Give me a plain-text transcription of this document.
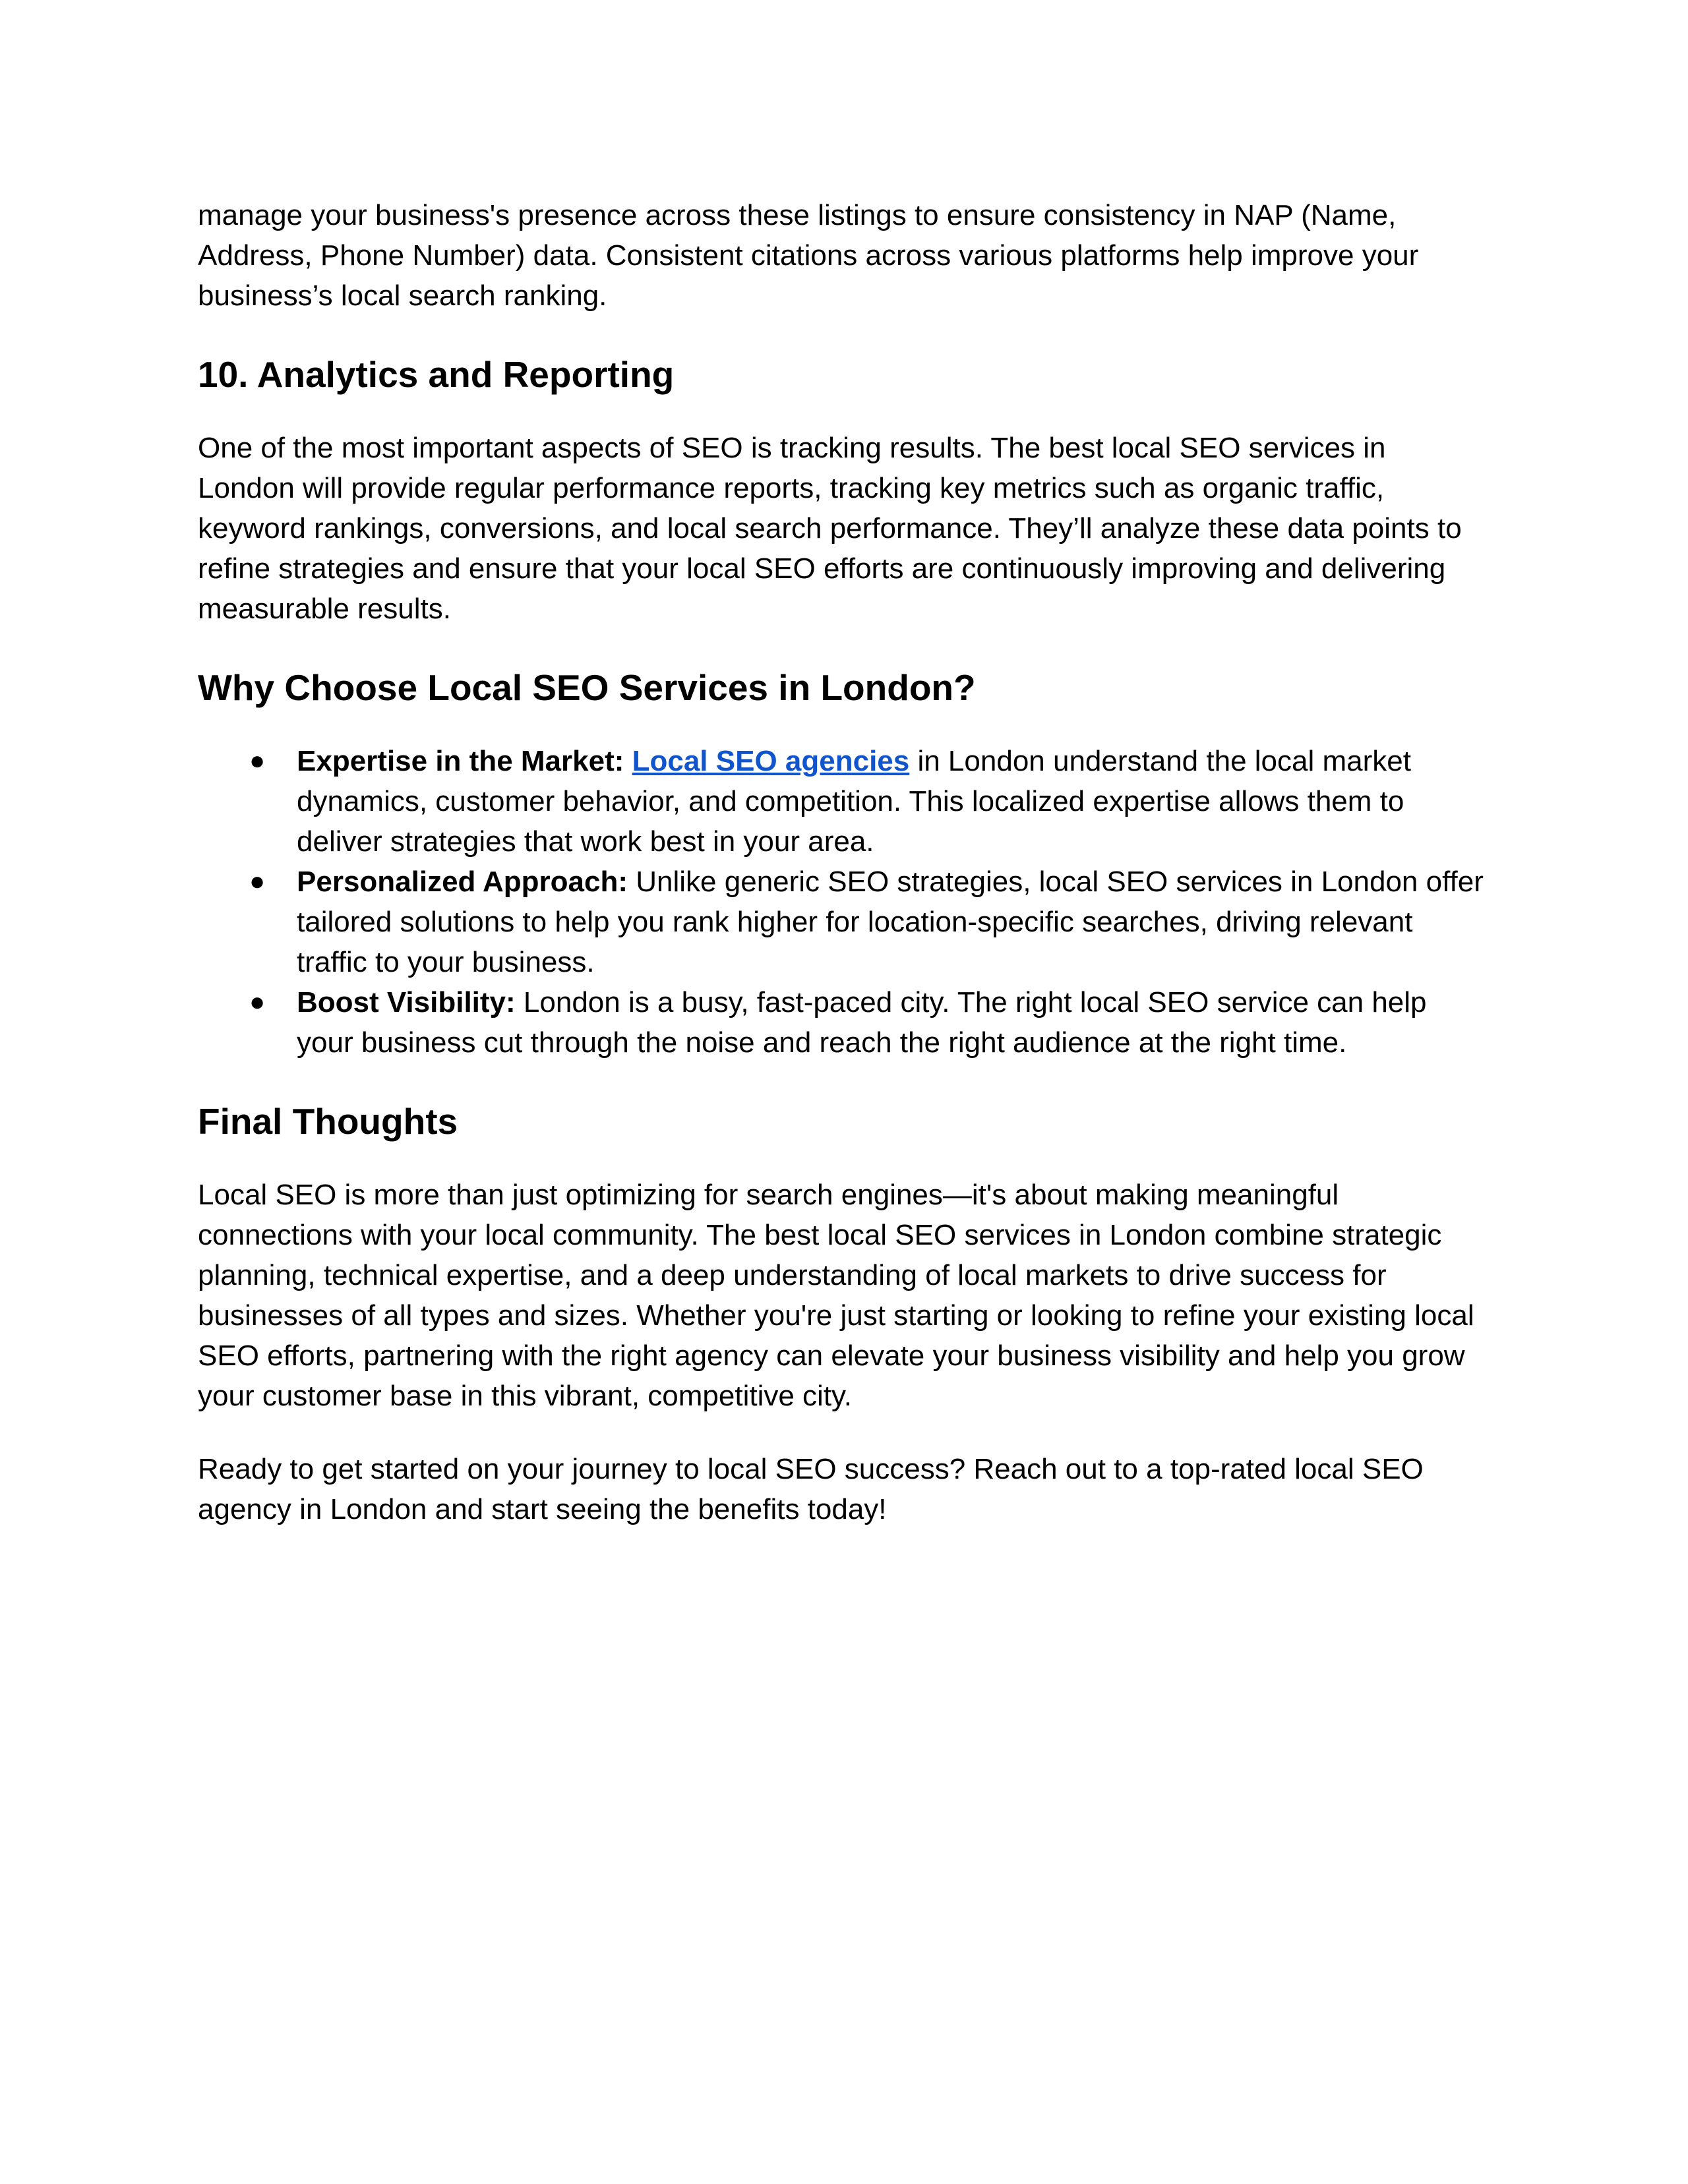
manage your business's presence across these listings to ensure consistency in NAP (Name, Address, Phone Number) data. Consistent citations across various platforms help improve your business’s local search ranking.

10. Analytics and Reporting

One of the most important aspects of SEO is tracking results. The best local SEO services in London will provide regular performance reports, tracking key metrics such as organic traffic, keyword rankings, conversions, and local search performance. They’ll analyze these data points to refine strategies and ensure that your local SEO efforts are continuously improving and delivering measurable results.

Why Choose Local SEO Services in London?
● Expertise in the Market: Local SEO agencies in London understand the local market dynamics, customer behavior, and competition. This localized expertise allows them to deliver strategies that work best in your area.
● Personalized Approach: Unlike generic SEO strategies, local SEO services in London offer tailored solutions to help you rank higher for location-specific searches, driving relevant traffic to your business.
● Boost Visibility: London is a busy, fast-paced city. The right local SEO service can help your business cut through the noise and reach the right audience at the right time.
Final Thoughts

Local SEO is more than just optimizing for search engines—it's about making meaningful connections with your local community. The best local SEO services in London combine strategic planning, technical expertise, and a deep understanding of local markets to drive success for businesses of all types and sizes. Whether you're just starting or looking to refine your existing local SEO efforts, partnering with the right agency can elevate your business visibility and help you grow your customer base in this vibrant, competitive city.

Ready to get started on your journey to local SEO success? Reach out to a top-rated local SEO agency in London and start seeing the benefits today!
